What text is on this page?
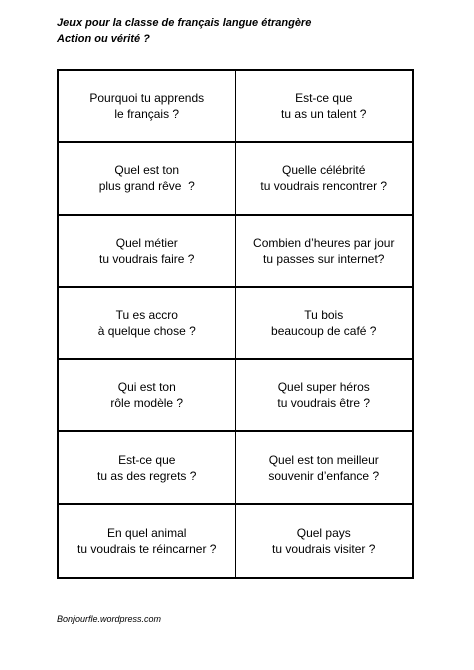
Jeux pour la classe de français langue étrangère
Action ou vérité ?
Pourquoi tu apprends
le français ?
Est-ce que
tu as un talent ?
Quel est ton
plus grand rêve  ?
Quelle célébrité
tu voudrais rencontrer ?
Quel métier
tu voudrais faire ?
Combien d’heures par jour
tu passes sur internet?
Tu es accro
à quelque chose ?
Tu bois
beaucoup de café ?
Qui est ton
rôle modèle ?
Quel super héros
tu voudrais être ?
Est-ce que
tu as des regrets ?
Quel est ton meilleur
souvenir d’enfance ?
En quel animal
tu voudrais te réincarner ?
Quel pays
tu voudrais visiter ?
Bonjourfle.wordpress.com
